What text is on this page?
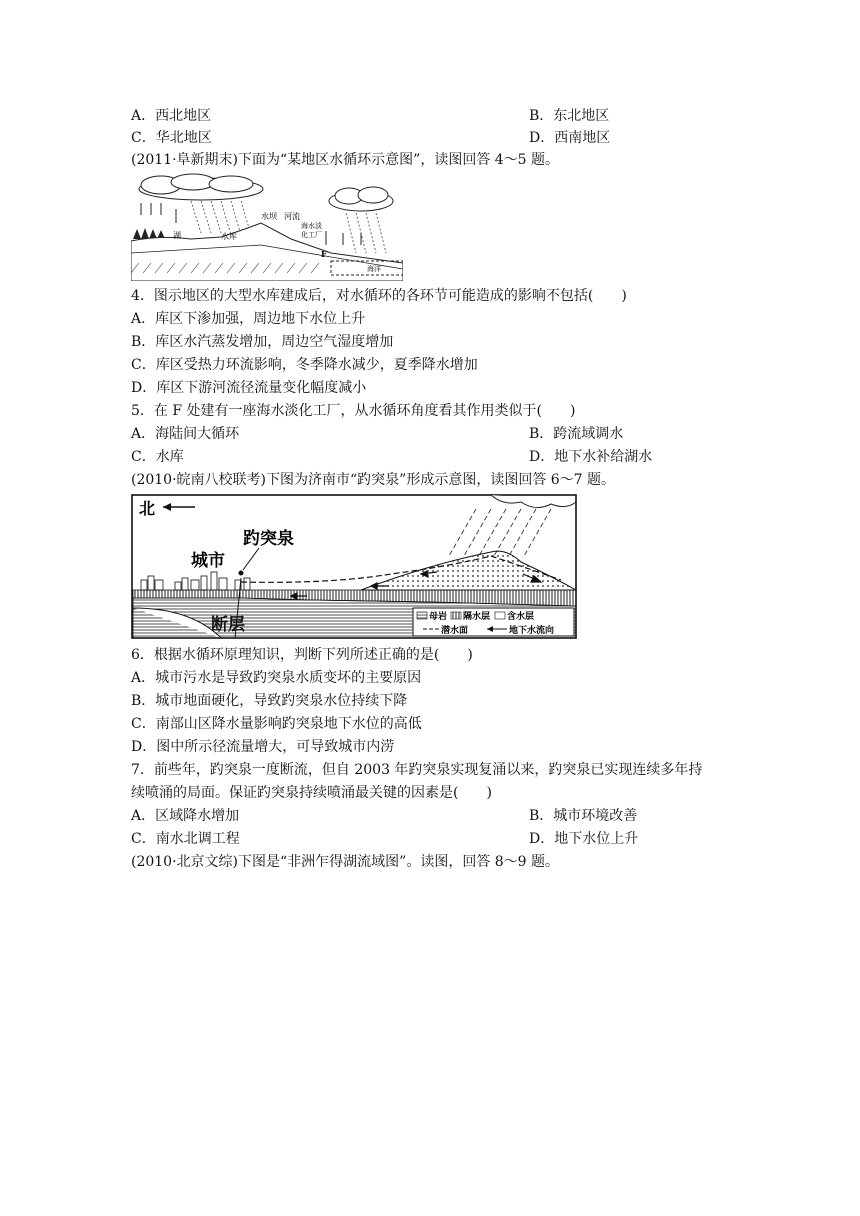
A．西北地区	B．东北地区
C．华北地区	D．西南地区
(2011·阜新期末)下面为“某地区水循环示意图”，读图回答 4～5 题。
湖
水坝 河流
水库
海水淡
化工厂
F
海洋
4．图示地区的大型水库建成后，对水循环的各环节可能造成的影响不包括(　　)
A．库区下渗加强，周边地下水位上升
B．库区水汽蒸发增加，周边空气湿度增加
C．库区受热力环流影响，冬季降水减少，夏季降水增加
D．库区下游河流径流量变化幅度减小
5．在 F 处建有一座海水淡化工厂，从水循环角度看其作用类似于(　　)
A．海陆间大循环	B．跨流域调水
C．水库	D．地下水补给湖水
(2010·皖南八校联考)下图为济南市“趵突泉”形成示意图，读图回答 6～7 题。
北
趵突泉
城市
断层	母岩 隔水层 含水层
潜水面	地下水流向
6．根据水循环原理知识，判断下列所述正确的是(　　)
A．城市污水是导致趵突泉水质变坏的主要原因
B．城市地面硬化，导致趵突泉水位持续下降
C．南部山区降水量影响趵突泉地下水位的高低
D．图中所示径流量增大，可导致城市内涝
7．前些年，趵突泉一度断流，但自 2003 年趵突泉实现复涌以来，趵突泉已实现连续多年持
续喷涌的局面。保证趵突泉持续喷涌最关键的因素是(　　)
A．区域降水增加	B．城市环境改善
C．南水北调工程	D．地下水位上升
(2010·北京文综)下图是“非洲乍得湖流域图”。读图，回答 8～9 题。
